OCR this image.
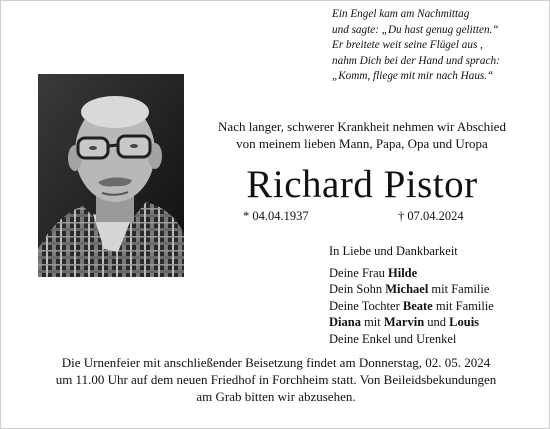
Ein Engel kam am Nachmittag
und sagte: „Du hast genug gelitten.“
Er breitete weit seine Flügel aus ,
nahm Dich bei der Hand und sprach:
„Komm, fliege mit mir nach Haus.“
Nach langer, schwerer Krankheit nehmen wir Abschied
von meinem lieben Mann, Papa, Opa und Uropa
Richard Pistor
* 04.04.1937	† 07.04.2024
In Liebe und Dankbarkeit
Deine Frau Hilde
Dein Sohn Michael mit Familie
Deine Tochter Beate mit Familie
Diana mit Marvin und Louis
Deine Enkel und Urenkel
Die Urnenfeier mit anschließender Beisetzung findet am Donnerstag, 02. 05. 2024
um 11.00 Uhr auf dem neuen Friedhof in Forchheim statt. Von Beileidsbekundungen
am Grab bitten wir abzusehen.
